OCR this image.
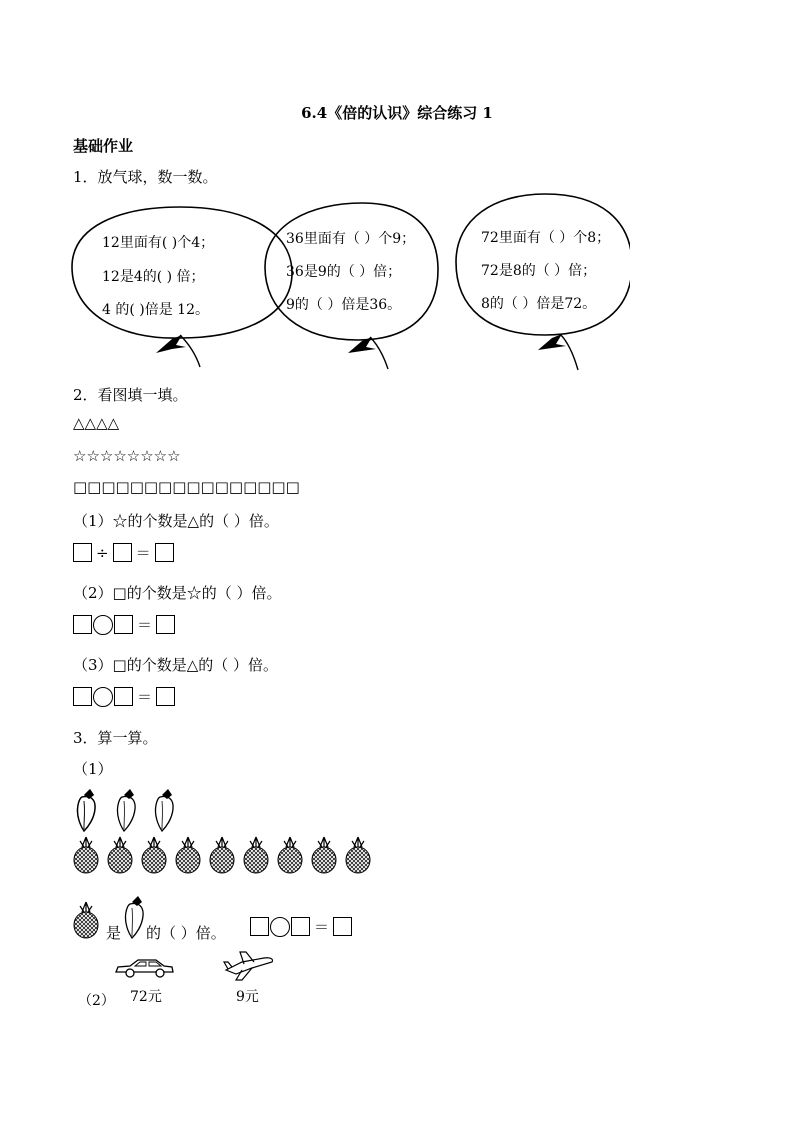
6.4《倍的认识》综合练习 1
基础作业
1．放气球，数一数。
12里面有( )个4；
12是4的( ) 倍；
4 的( )倍是 12。
36里面有（ ）个9；
36是9的（ ）倍；
9的（ ）倍是36。
72里面有（ ）个8；
72是8的（ ）倍；
8的（ ）倍是72。
2．看图填一填。
△△△△
☆☆☆☆☆☆☆☆
□□□□□□□□□□□□□□□□
（1）☆的个数是△的（ ）倍。
÷ ＝
（2）□的个数是☆的（ ）倍。
＝
（3）□的个数是△的（ ）倍。
＝
3．算一算。
（1）
是 的（ ）倍。	＝
（2） 72元	9元
